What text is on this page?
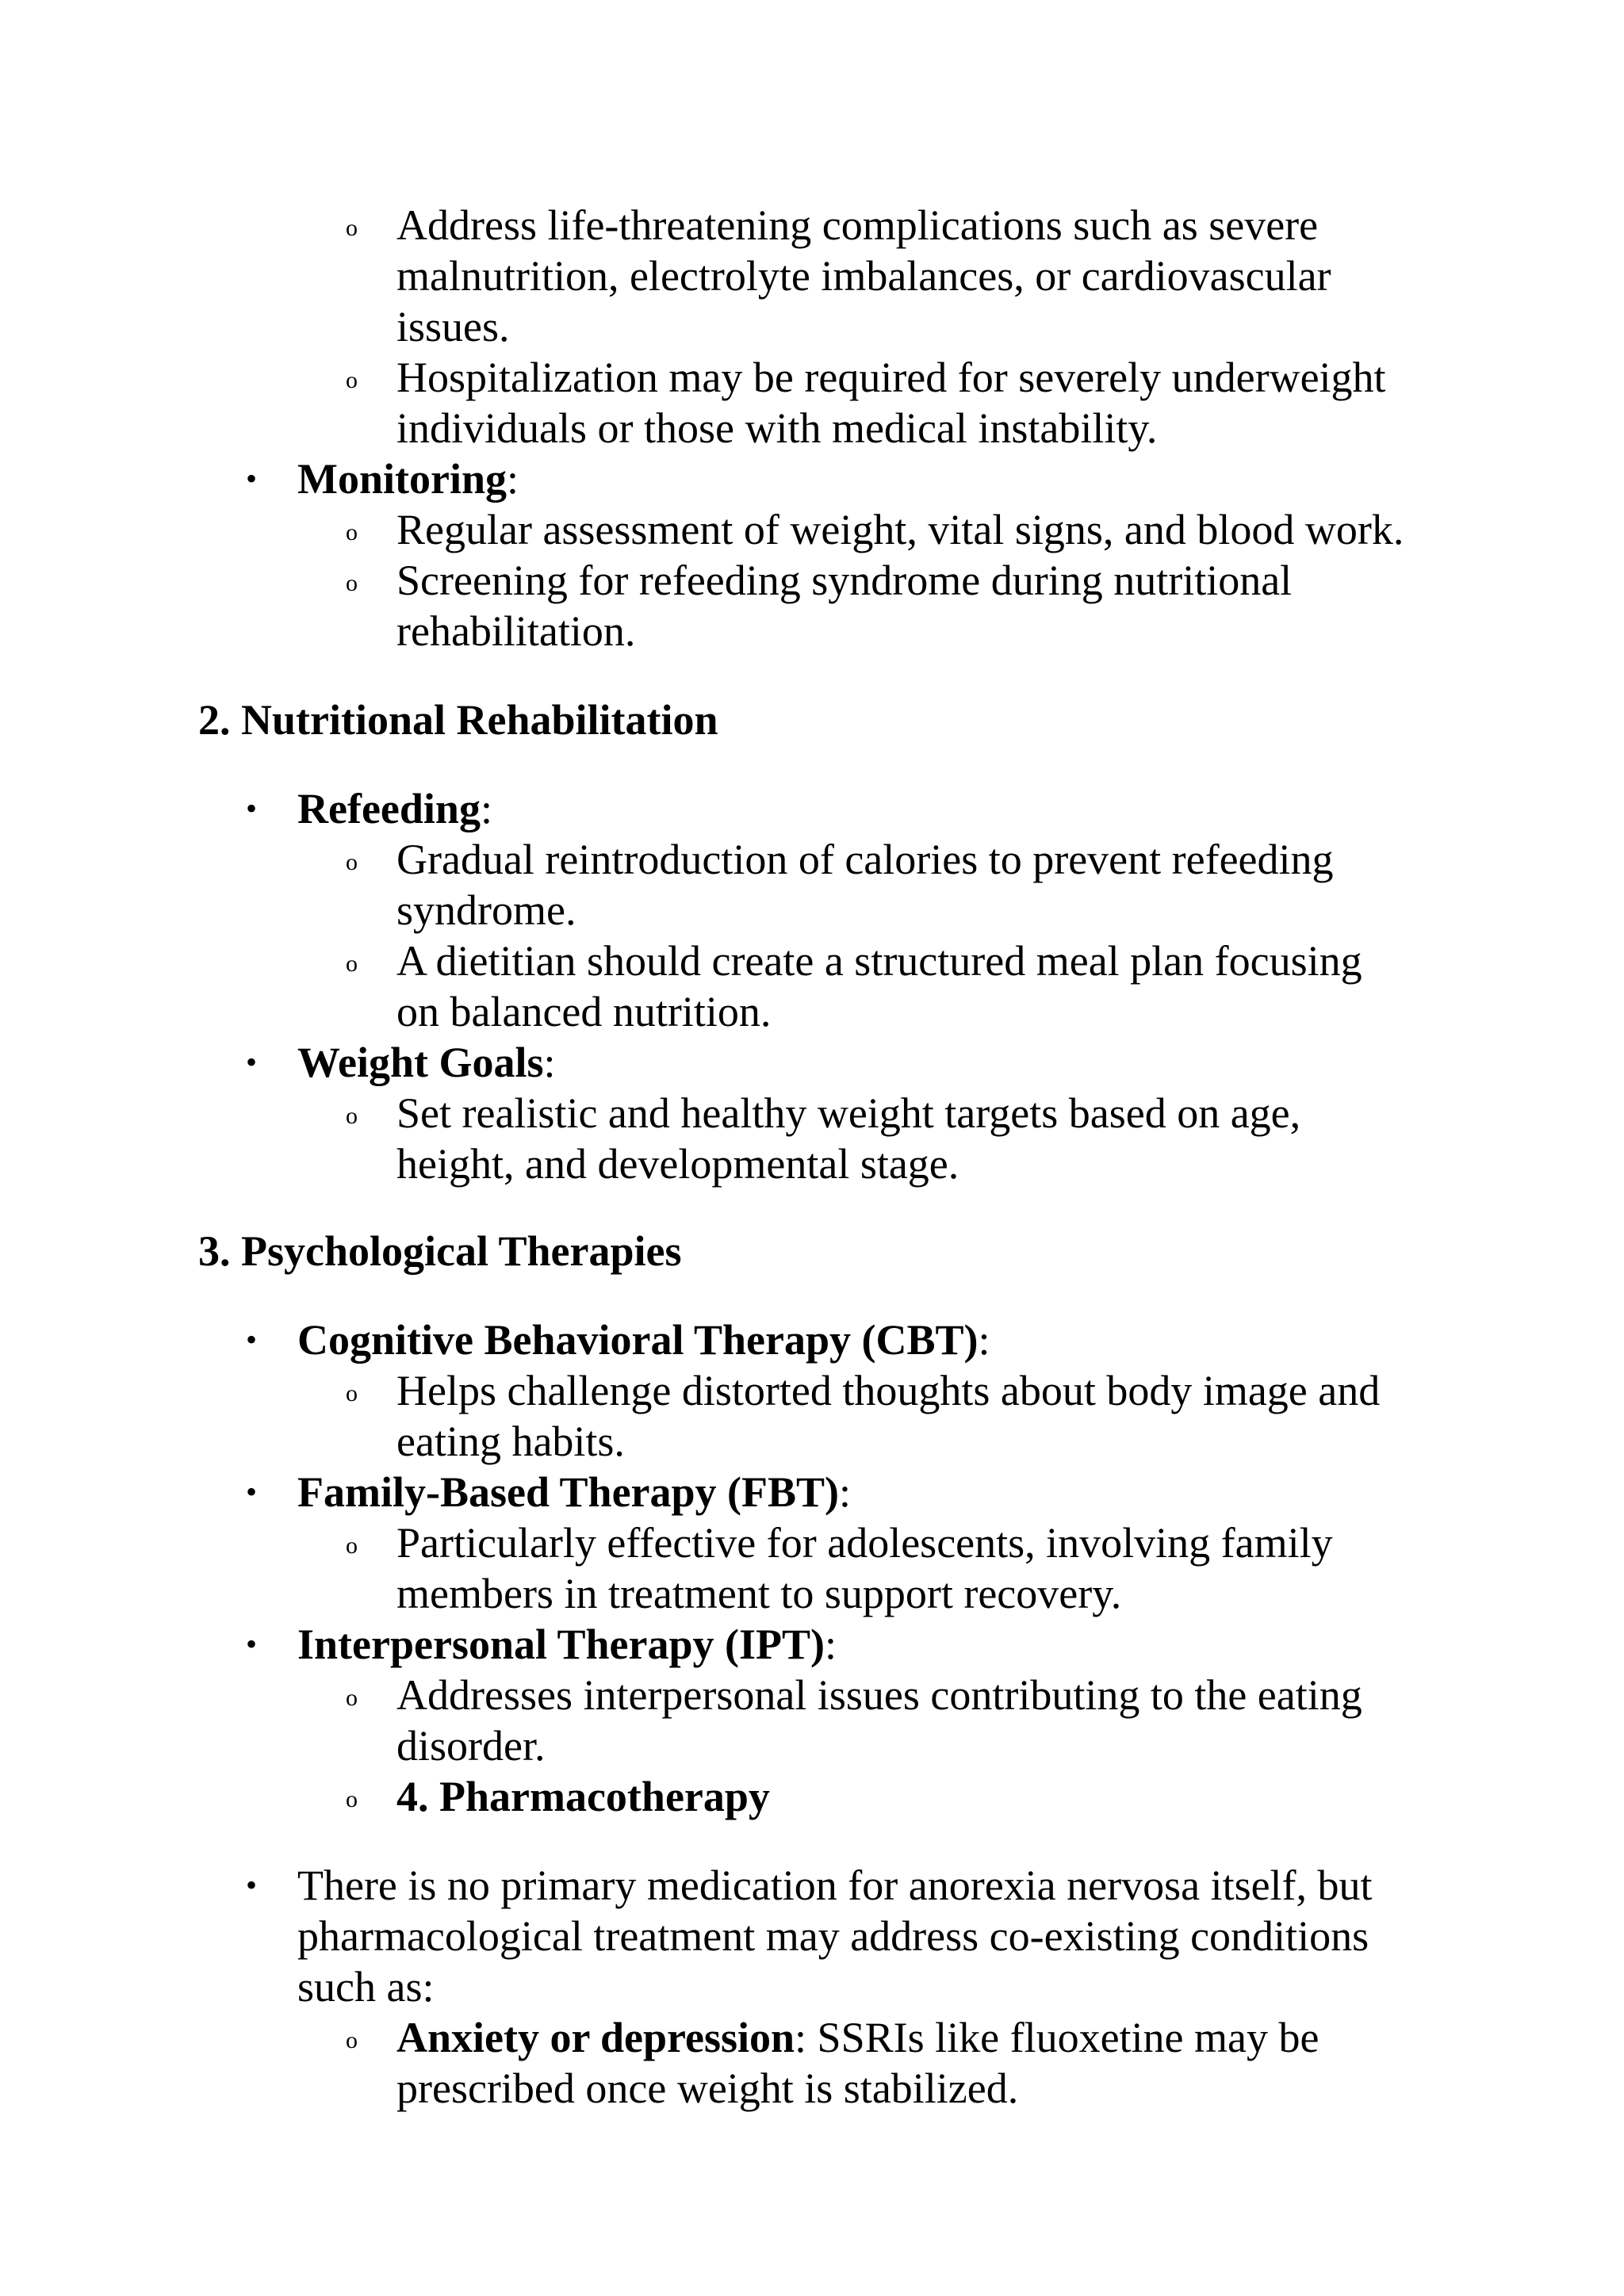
o Address life-threatening complications such as severe
malnutrition, electrolyte imbalances, or cardiovascular
issues.
o Hospitalization may be required for severely underweight
individuals or those with medical instability.
• Monitoring:
o Regular assessment of weight, vital signs, and blood work.
o Screening for refeeding syndrome during nutritional
rehabilitation.
2. Nutritional Rehabilitation
• Refeeding:
o Gradual reintroduction of calories to prevent refeeding
syndrome.
o A dietitian should create a structured meal plan focusing
on balanced nutrition.
• Weight Goals:
o Set realistic and healthy weight targets based on age,
height, and developmental stage.
3. Psychological Therapies
• Cognitive Behavioral Therapy (CBT):
o Helps challenge distorted thoughts about body image and
eating habits.
• Family-Based Therapy (FBT):
o Particularly effective for adolescents, involving family
members in treatment to support recovery.
• Interpersonal Therapy (IPT):
o Addresses interpersonal issues contributing to the eating
disorder.
o 4. Pharmacotherapy
• There is no primary medication for anorexia nervosa itself, but
pharmacological treatment may address co-existing conditions
such as:
o Anxiety or depression: SSRIs like fluoxetine may be
prescribed once weight is stabilized.
